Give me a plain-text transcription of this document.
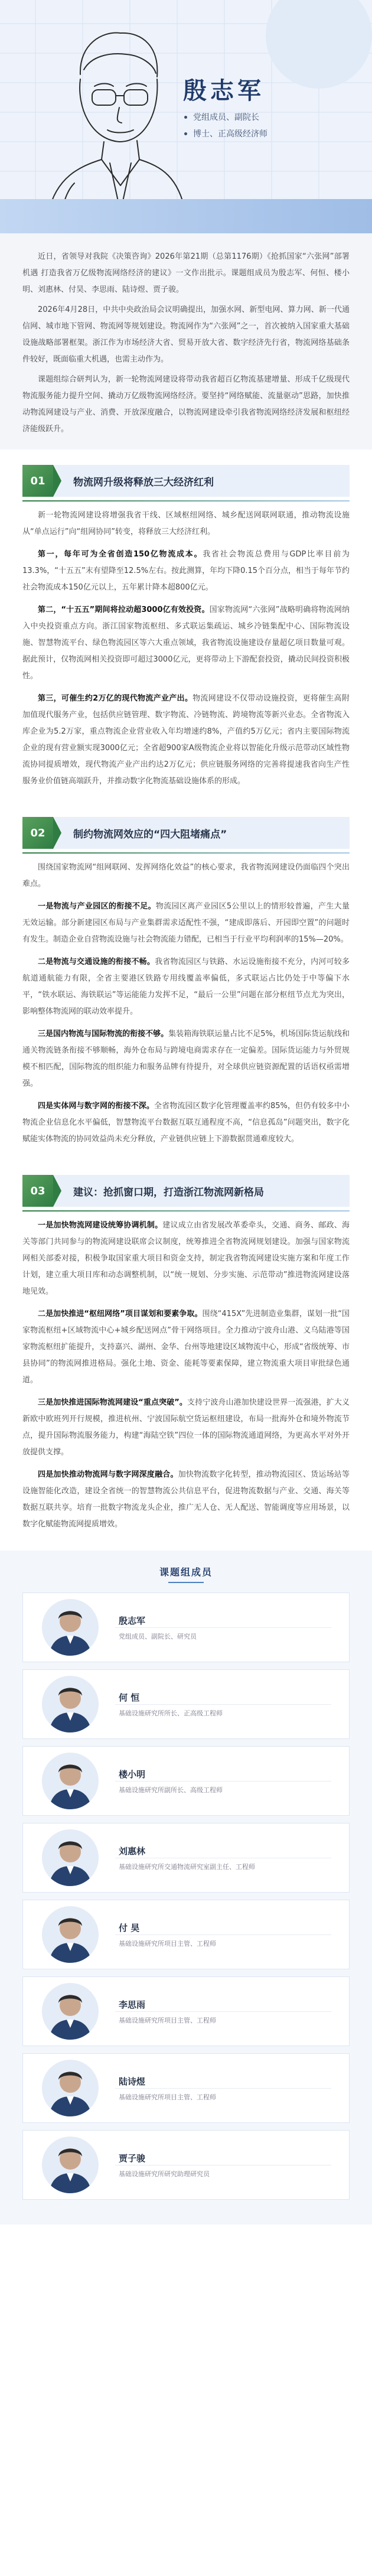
殷志军
党组成员、副院长
博士、正高级经济师

近日，省领导对我院《决策咨询》2026年第21期（总第1176期）《抢抓国家“六张网”部署机遇 打造我省万亿级物流网络经济的建议》一文作出批示。课题组成员为殷志军、何恒、楼小明、刘惠林、付昊、李思雨、陆诗煜、贾子骏。

2026年4月28日，中共中央政治局会议明确提出，加强水网、新型电网、算力网、新一代通信网、城市地下管网、物流网等规划建设。物流网作为“六张网”之一，首次被纳入国家重大基础设施战略部署框架。浙江作为市场经济大省、贸易开放大省、数字经济先行省，物流网络基础条件较好，既面临重大机遇，也需主动作为。

课题组综合研判认为，新一轮物流网建设将带动我省超百亿物流基建增量、形成千亿级现代物流服务能力提升空间、撬动万亿级物流网络经济。要坚持“网络赋能、流量驱动”思路，加快推动物流网建设与产业、消费、开放深度融合，以物流网建设牵引我省物流网络经济发展和枢纽经济能级跃升。

01	物流网升级将释放三大经济红利

新一轮物流网建设将增强我省干线、区域枢纽网络、城乡配送网联网联通，推动物流设施从“单点运行”向“组网协同”转变，将释放三大经济红利。

第一，每年可为全省创造150亿物流成本。我省社会物流总费用与GDP比率目前为13.3%，“十五五”末有望降至12.5%左右。按此测算，年均下降0.15个百分点，相当于每年节约社会物流成本150亿元以上，五年累计降本超800亿元。

第二，“十五五”期间将拉动超3000亿有效投资。国家物流网“六张网”战略明确将物流网纳入中央投资重点方向。浙江国家物流枢纽、多式联运集疏运、城乡冷链集配中心、国际物流设施、智慧物流平台、绿色物流园区等六大重点领域，我省物流设施建设存量超亿项目数量可观。据此预计，仅物流网相关投资即可超过3000亿元，更将带动上下游配套投资，撬动民间投资积极性。

第三，可催生约2万亿的现代物流产业产出。物流网建设不仅带动设施投资，更将催生高附加值现代服务产业，包括供应链管理、数字物流、冷链物流、跨境物流等新兴业态。全省物流入库企业为5.2万家，重点物流企业营业收入年均增速约8%，产值约5万亿元；省内主要国际物流企业的现有营业额实现3000亿元；全省超900家A级物流企业将以智能化升级示范带动区域性物流协同提质增效，现代物流产业产出约达2万亿元；供应链服务网络的完善将提速我省向生产性服务业价值链高端跃升，并推动数字化物流基础设施体系的形成。

02	制约物流网效应的“四大阻堵痛点”

围绕国家物流网“组网联网、发挥网络化效益”的核心要求，我省物流网建设仍面临四个突出难点。

一是物流与产业园区的衔接不足。物流园区离产业园区5公里以上的情形较普遍，产生大量无效运输。部分新建园区布局与产业集群需求适配性不强，“建成即落后、开园即空置”的问题时有发生。制造企业自营物流设施与社会物流能力错配，已相当于行业平均利润率的15%—20%。

二是物流与交通设施的衔接不畅。我省物流园区与铁路、水运设施衔接不充分，内河可较多航道通航能力有限，全省主要港区铁路专用线覆盖率偏低，多式联运占比仍处于中等偏下水平，“铁水联运、海铁联运”等运能能力发挥不足，“最后一公里”问题在部分枢纽节点尤为突出，影响整体物流网的联动效率提升。

三是国内物流与国际物流的衔接不够。集装箱海铁联运量占比不足5%，机场国际货运航线和通关物流链条衔接不够顺畅，海外仓布局与跨境电商需求存在一定偏差。国际货运能力与外贸规模不相匹配，国际物流的组织能力和服务品牌有待提升，对全球供应链资源配置的话语权亟需增强。

四是实体网与数字网的衔接不深。全省物流园区数字化管理覆盖率约85%，但仍有较多中小物流企业信息化水平偏低，智慧物流平台数据互联互通程度不高，“信息孤岛”问题突出，数字化赋能实体物流的协同效益尚未充分释放，产业链供应链上下游数据贯通难度较大。

03	建议：抢抓窗口期，打造浙江物流网新格局

一是加快物流网建设统筹协调机制。建议成立由省发展改革委牵头，交通、商务、邮政、海关等部门共同参与的物流网建设联席会议制度，统筹推进全省物流网规划建设。加强与国家物流网相关部委对接，积极争取国家重大项目和资金支持，制定我省物流网建设实施方案和年度工作计划，建立重大项目库和动态调整机制，以“统一规划、分步实施、示范带动”推进物流网建设落地见效。

二是加快推进“枢纽网络”项目谋划和要素争取。围绕“415X”先进制造业集群，谋划一批“国家物流枢纽+区域物流中心+城乡配送网点”骨干网络项目。全力推动宁波舟山港、义乌陆港等国家物流枢纽扩能提升，支持嘉兴、湖州、金华、台州等地建设区域物流中心，形成“省级统筹、市县协同”的物流网推进格局。强化土地、资金、能耗等要素保障，建立物流重大项目审批绿色通道。

三是加快推进国际物流网建设“重点突破”。支持宁波舟山港加快建设世界一流强港，扩大义新欧中欧班列开行规模，推进杭州、宁波国际航空货运枢纽建设，布局一批海外仓和境外物流节点，提升国际物流服务能力，构建“海陆空铁”四位一体的国际物流通道网络，为更高水平对外开放提供支撑。

四是加快推动物流网与数字网深度融合。加快物流数字化转型，推动物流园区、货运场站等设施智能化改造，建设全省统一的智慧物流公共信息平台，促进物流数据与产业、交通、海关等数据互联共享。培育一批数字物流龙头企业，推广无人仓、无人配送、智能调度等应用场景，以数字化赋能物流网提质增效。

课题组成员
殷志军
党组成员、副院长、研究员
何 恒
基础设施研究所所长、正高级工程师
楼小明
基础设施研究所副所长、高级工程师
刘惠林
基础设施研究所交通物流研究室副主任、工程师
付 昊
基础设施研究所项目主管、工程师
李思雨
基础设施研究所项目主管、工程师
陆诗煜
基础设施研究所项目主管、工程师
贾子骏
基础设施研究所研究助理研究员
